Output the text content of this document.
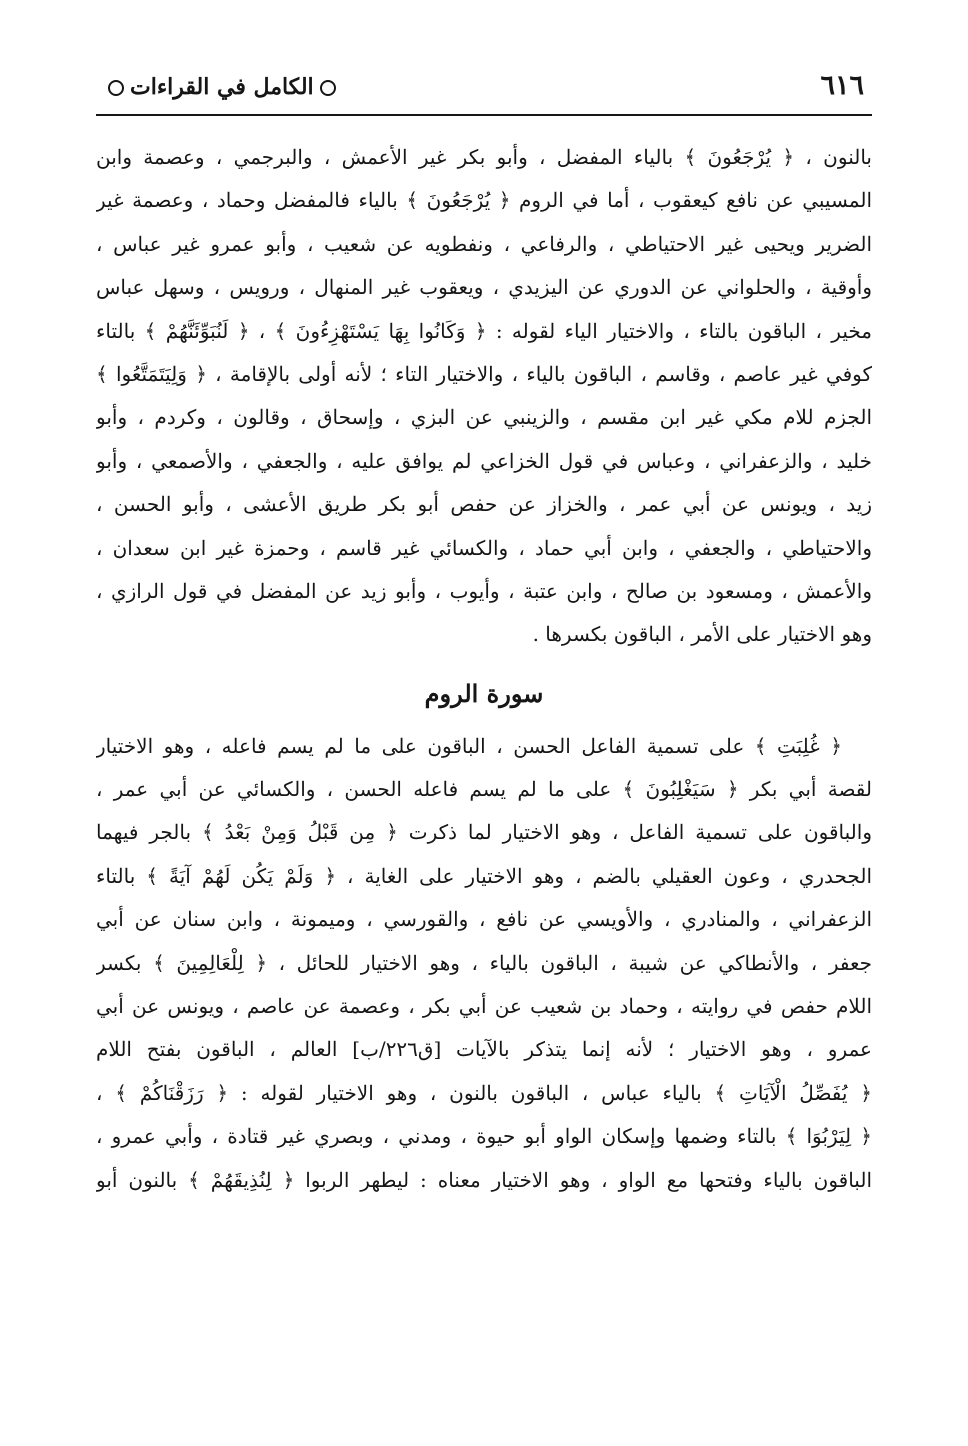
٦١٦
الكامل في القراءات
بالنون ، ﴿ يُرْجَعُونَ ﴾ بالياء المفضل ، وأبو بكر غير الأعمش ، والبرجمي ، وعصمة وابن
المسيبي عن نافع كيعقوب ، أما في الروم ﴿ يُرْجَعُونَ ﴾ بالياء فالمفضل وحماد ، وعصمة غير
الضرير ويحيى غير الاحتياطي ، والرفاعي ، ونفطويه عن شعيب ، وأبو عمرو غير عباس ،
وأوقية ، والحلواني عن الدوري عن اليزيدي ، ويعقوب غير المنهال ، ورويس ، وسهل عباس
مخير ، الباقون بالتاء ، والاختيار الياء لقوله : ﴿ وَكَانُوا بِهَا يَسْتَهْزِءُونَ ﴾ ، ﴿ لَنُبَوِّئَنَّهُمْ ﴾ بالتاء
كوفي غير عاصم ، وقاسم ، الباقون بالياء ، والاختيار التاء ؛ لأنه أولى بالإقامة ، ﴿ وَلِيَتَمَتَّعُوا ﴾
الجزم للام مكي غير ابن مقسم ، والزينبي عن البزي ، وإسحاق ، وقالون ، وكردم ، وأبو
خليد ، والزعفراني ، وعباس في قول الخزاعي لم يوافق عليه ، والجعفي ، والأصمعي ، وأبو
زيد ، ويونس عن أبي عمر ، والخزاز عن حفص أبو بكر طريق الأعشى ، وأبو الحسن ،
والاحتياطي ، والجعفي ، وابن أبي حماد ، والكسائي غير قاسم ، وحمزة غير ابن سعدان ،
والأعمش ، ومسعود بن صالح ، وابن عتبة ، وأيوب ، وأبو زيد عن المفضل في قول الرازي ،
وهو الاختيار على الأمر ، الباقون بكسرها .
سورة الروم
﴿ غُلِبَتِ ﴾ على تسمية الفاعل الحسن ، الباقون على ما لم يسم فاعله ، وهو الاختيار
لقصة أبي بكر ﴿ سَيَغْلِبُونَ ﴾ على ما لم يسم فاعله الحسن ، والكسائي عن أبي عمر ،
والباقون على تسمية الفاعل ، وهو الاختيار لما ذكرت ﴿ مِن قَبْلُ وَمِنْ بَعْدُ ﴾ بالجر فيهما
الجحدري ، وعون العقيلي بالضم ، وهو الاختيار على الغاية ، ﴿ وَلَمْ يَكُن لَهُمْ آيَةً ﴾ بالتاء
الزعفراني ، والمنادري ، والأويسي عن نافع ، والقورسي ، وميمونة ، وابن سنان عن أبي
جعفر ، والأنطاكي عن شيبة ، الباقون بالياء ، وهو الاختيار للحائل ، ﴿ لِلْعَالِمِينَ ﴾ بكسر
اللام حفص في روايته ، وحماد بن شعيب عن أبي بكر ، وعصمة عن عاصم ، ويونس عن أبي
عمرو ، وهو الاختيار ؛ لأنه إنما يتذكر بالآيات [ق٢٢٦/ب] العالم ، الباقون بفتح اللام
﴿ يُفَصِّلُ الْآيَاتِ ﴾ بالياء عباس ، الباقون بالنون ، وهو الاختيار لقوله : ﴿ رَزَقْنَاكُمْ ﴾ ،
﴿ لِيَرْبُوَا ﴾ بالتاء وضمها وإسكان الواو أبو حيوة ، ومدني ، وبصري غير قتادة ، وأبي عمرو ،
الباقون بالياء وفتحها مع الواو ، وهو الاختيار معناه : ليطهر الربوا ﴿ لِنُذِيقَهُمْ ﴾ بالنون أبو
